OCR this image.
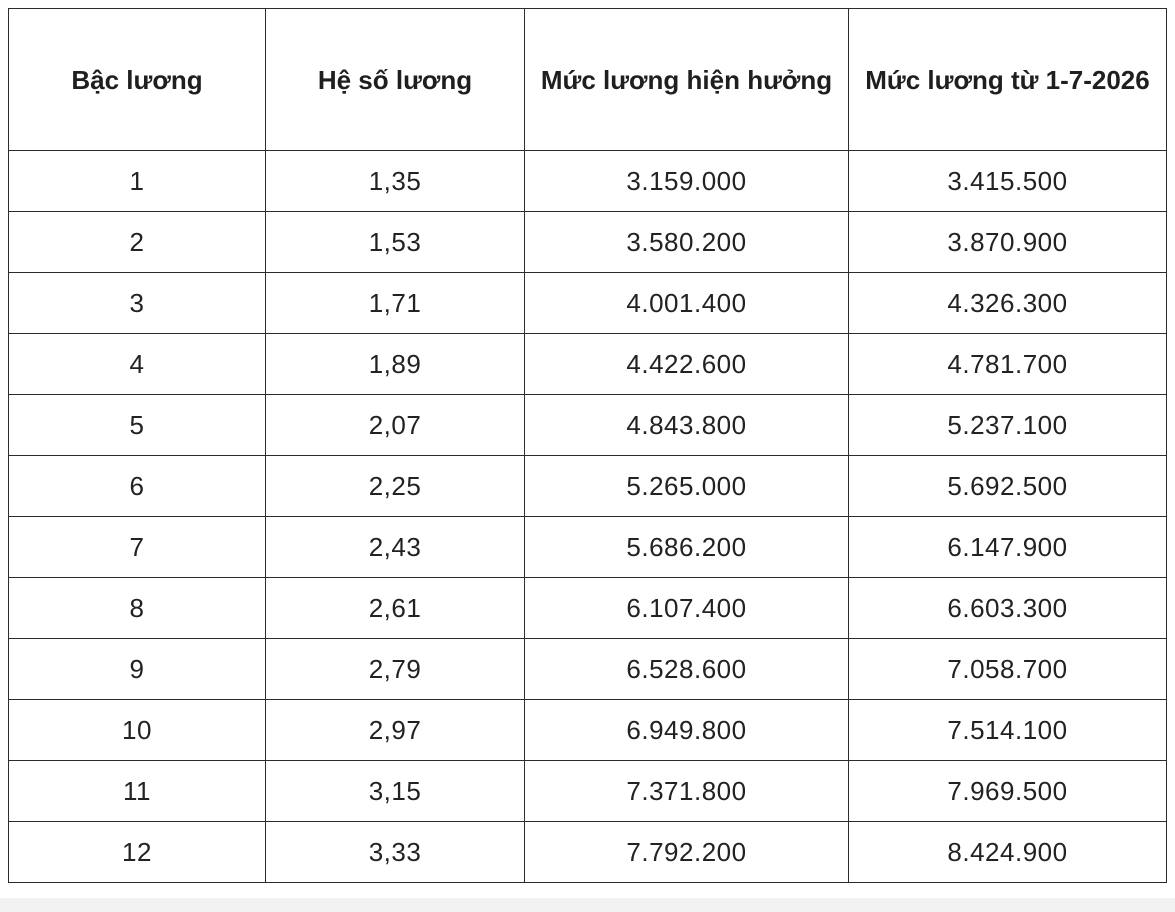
Bậc lương	Hệ số lương	Mức lương hiện hưởng	Mức lương từ 1-7-2026
1	1,35	3.159.000	3.415.500
2	1,53	3.580.200	3.870.900
3	1,71	4.001.400	4.326.300
4	1,89	4.422.600	4.781.700
5	2,07	4.843.800	5.237.100
6	2,25	5.265.000	5.692.500
7	2,43	5.686.200	6.147.900
8	2,61	6.107.400	6.603.300
9	2,79	6.528.600	7.058.700
10	2,97	6.949.800	7.514.100
11	3,15	7.371.800	7.969.500
12	3,33	7.792.200	8.424.900
